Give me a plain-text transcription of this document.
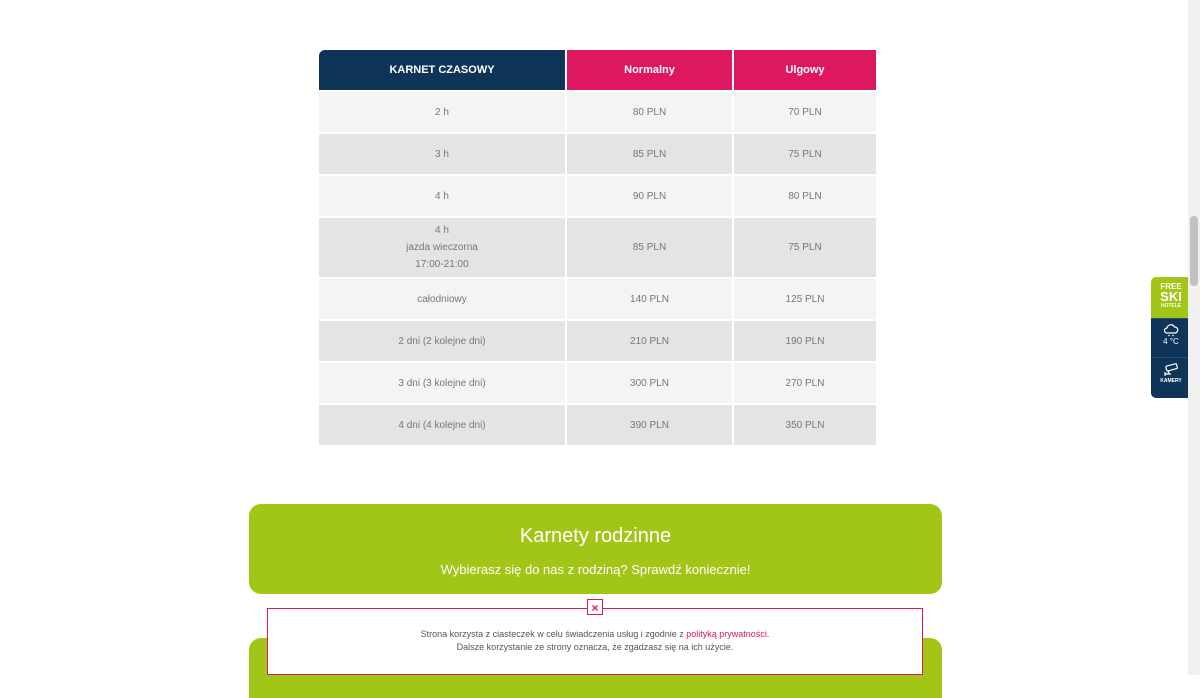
KARNET CZASOWY	Normalny	Ulgowy
2 h	80 PLN	70 PLN
3 h	85 PLN	75 PLN
4 h	90 PLN	80 PLN

4 h
jazda wieczorna
17:00-21:00	85 PLN	75 PLN
całodniowy	140 PLN	125 PLN
2 dni (2 kolejne dni)	210 PLN	190 PLN
3 dni (3 kolejne dni)	300 PLN	270 PLN
4 dni (4 kolejne dni)	390 PLN	350 PLN
Karnety rodzinne
Wybierasz się do nas z rodziną? Sprawdź koniecznie!
×
Strona korzysta z ciasteczek w celu świadczenia usług i zgodnie z polityką prywatności.
Dalsze korzystanie ze strony oznacza, że zgadzasz się na ich użycie.
FREE
SKI
HOTELE
4 °C
KAMERY
